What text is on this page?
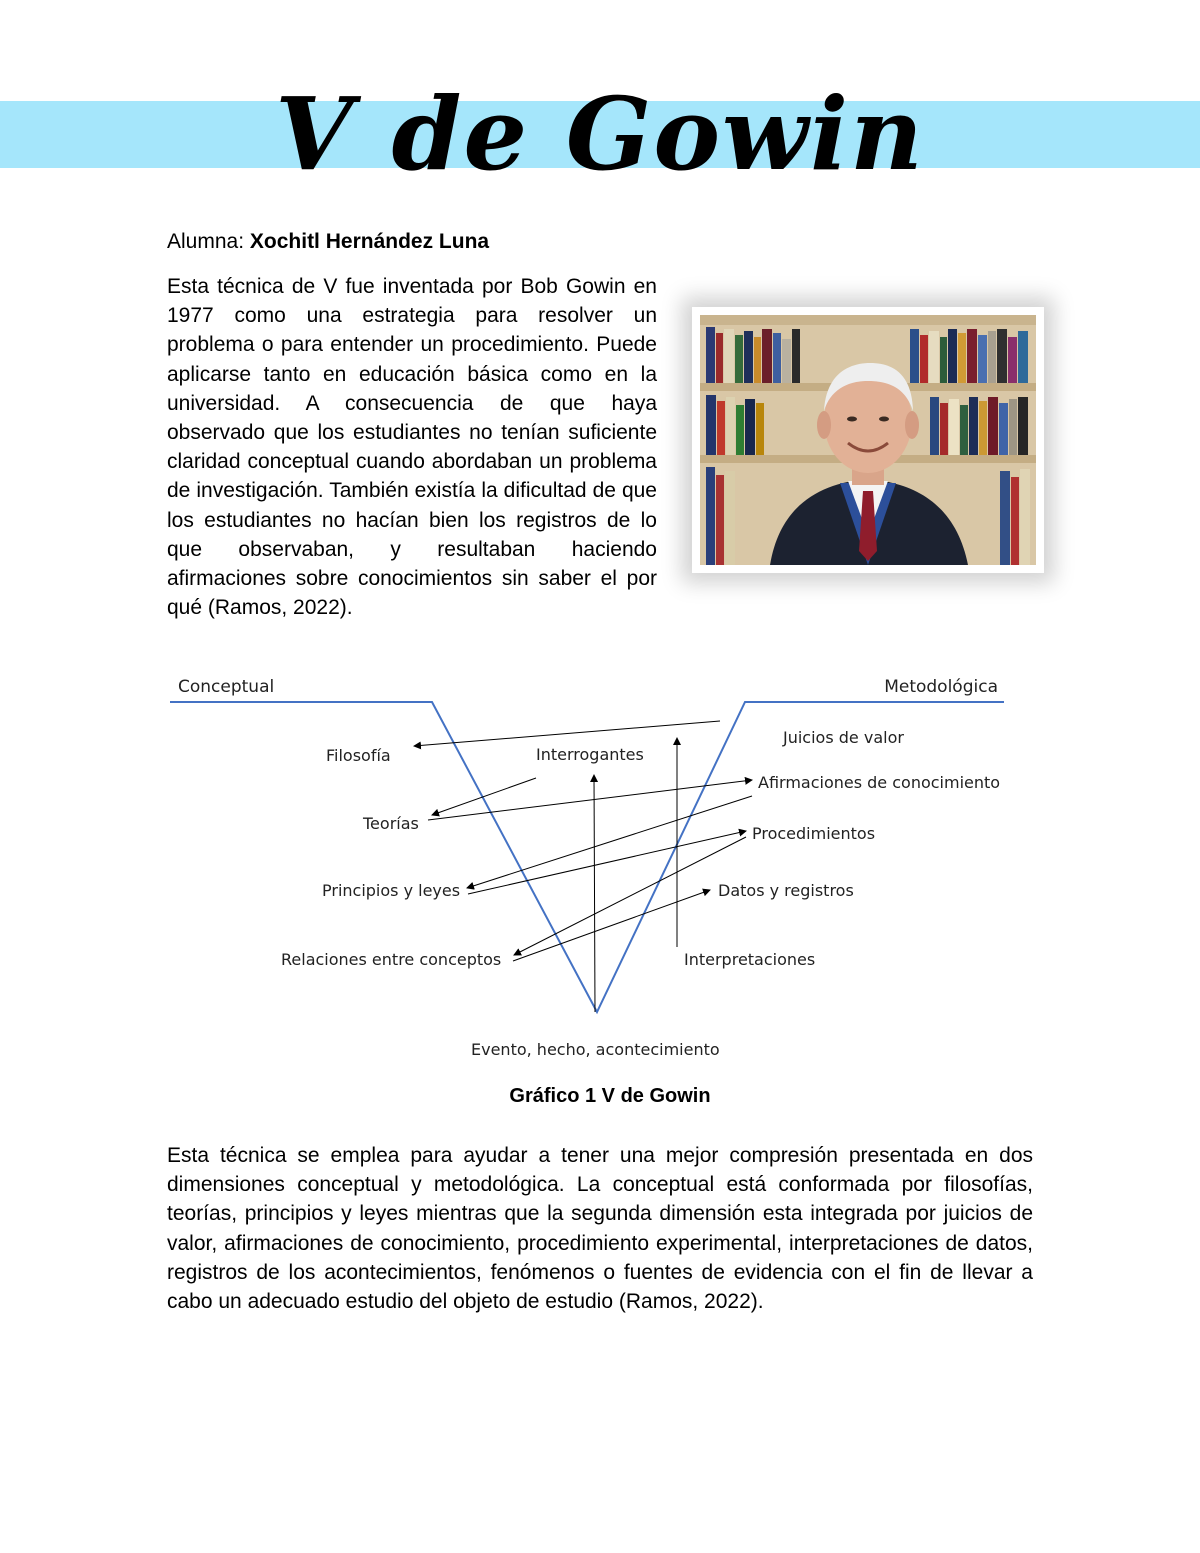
V de Gowin
Alumna: Xochitl Hernández Luna
Esta técnica de V fue inventada por Bob Gowin en 1977 como una estrategia para resolver un problema o para entender un procedimiento. Puede aplicarse tanto en educación básica como en la universidad. A consecuencia de que haya observado que los estudiantes no tenían suficiente claridad conceptual cuando abordaban un problema de investigación. También existía la dificultad de que los estudiantes no hacían bien los registros de lo que observaban, y resultaban haciendo afirmaciones sobre conocimientos sin saber el por qué (Ramos, 2022).
Conceptual	Metodológica
Interrogantes
Evento, hecho, acontecimiento
Filosofía
Teorías
Principios y leyes
Relaciones entre conceptos
Juicios de valor
Afirmaciones de conocimiento
Procedimientos
Datos y registros
Interpretaciones
Gráfico 1 V de Gowin
Esta técnica se emplea para ayudar a tener una mejor compresión presentada en dos dimensiones conceptual y metodológica. La conceptual está conformada por filosofías, teorías, principios y leyes mientras que la segunda dimensión esta integrada por juicios de valor, afirmaciones de conocimiento, procedimiento experimental, interpretaciones de datos, registros de los acontecimientos, fenómenos o fuentes de evidencia con el fin de llevar a cabo un adecuado estudio del objeto de estudio (Ramos, 2022).
